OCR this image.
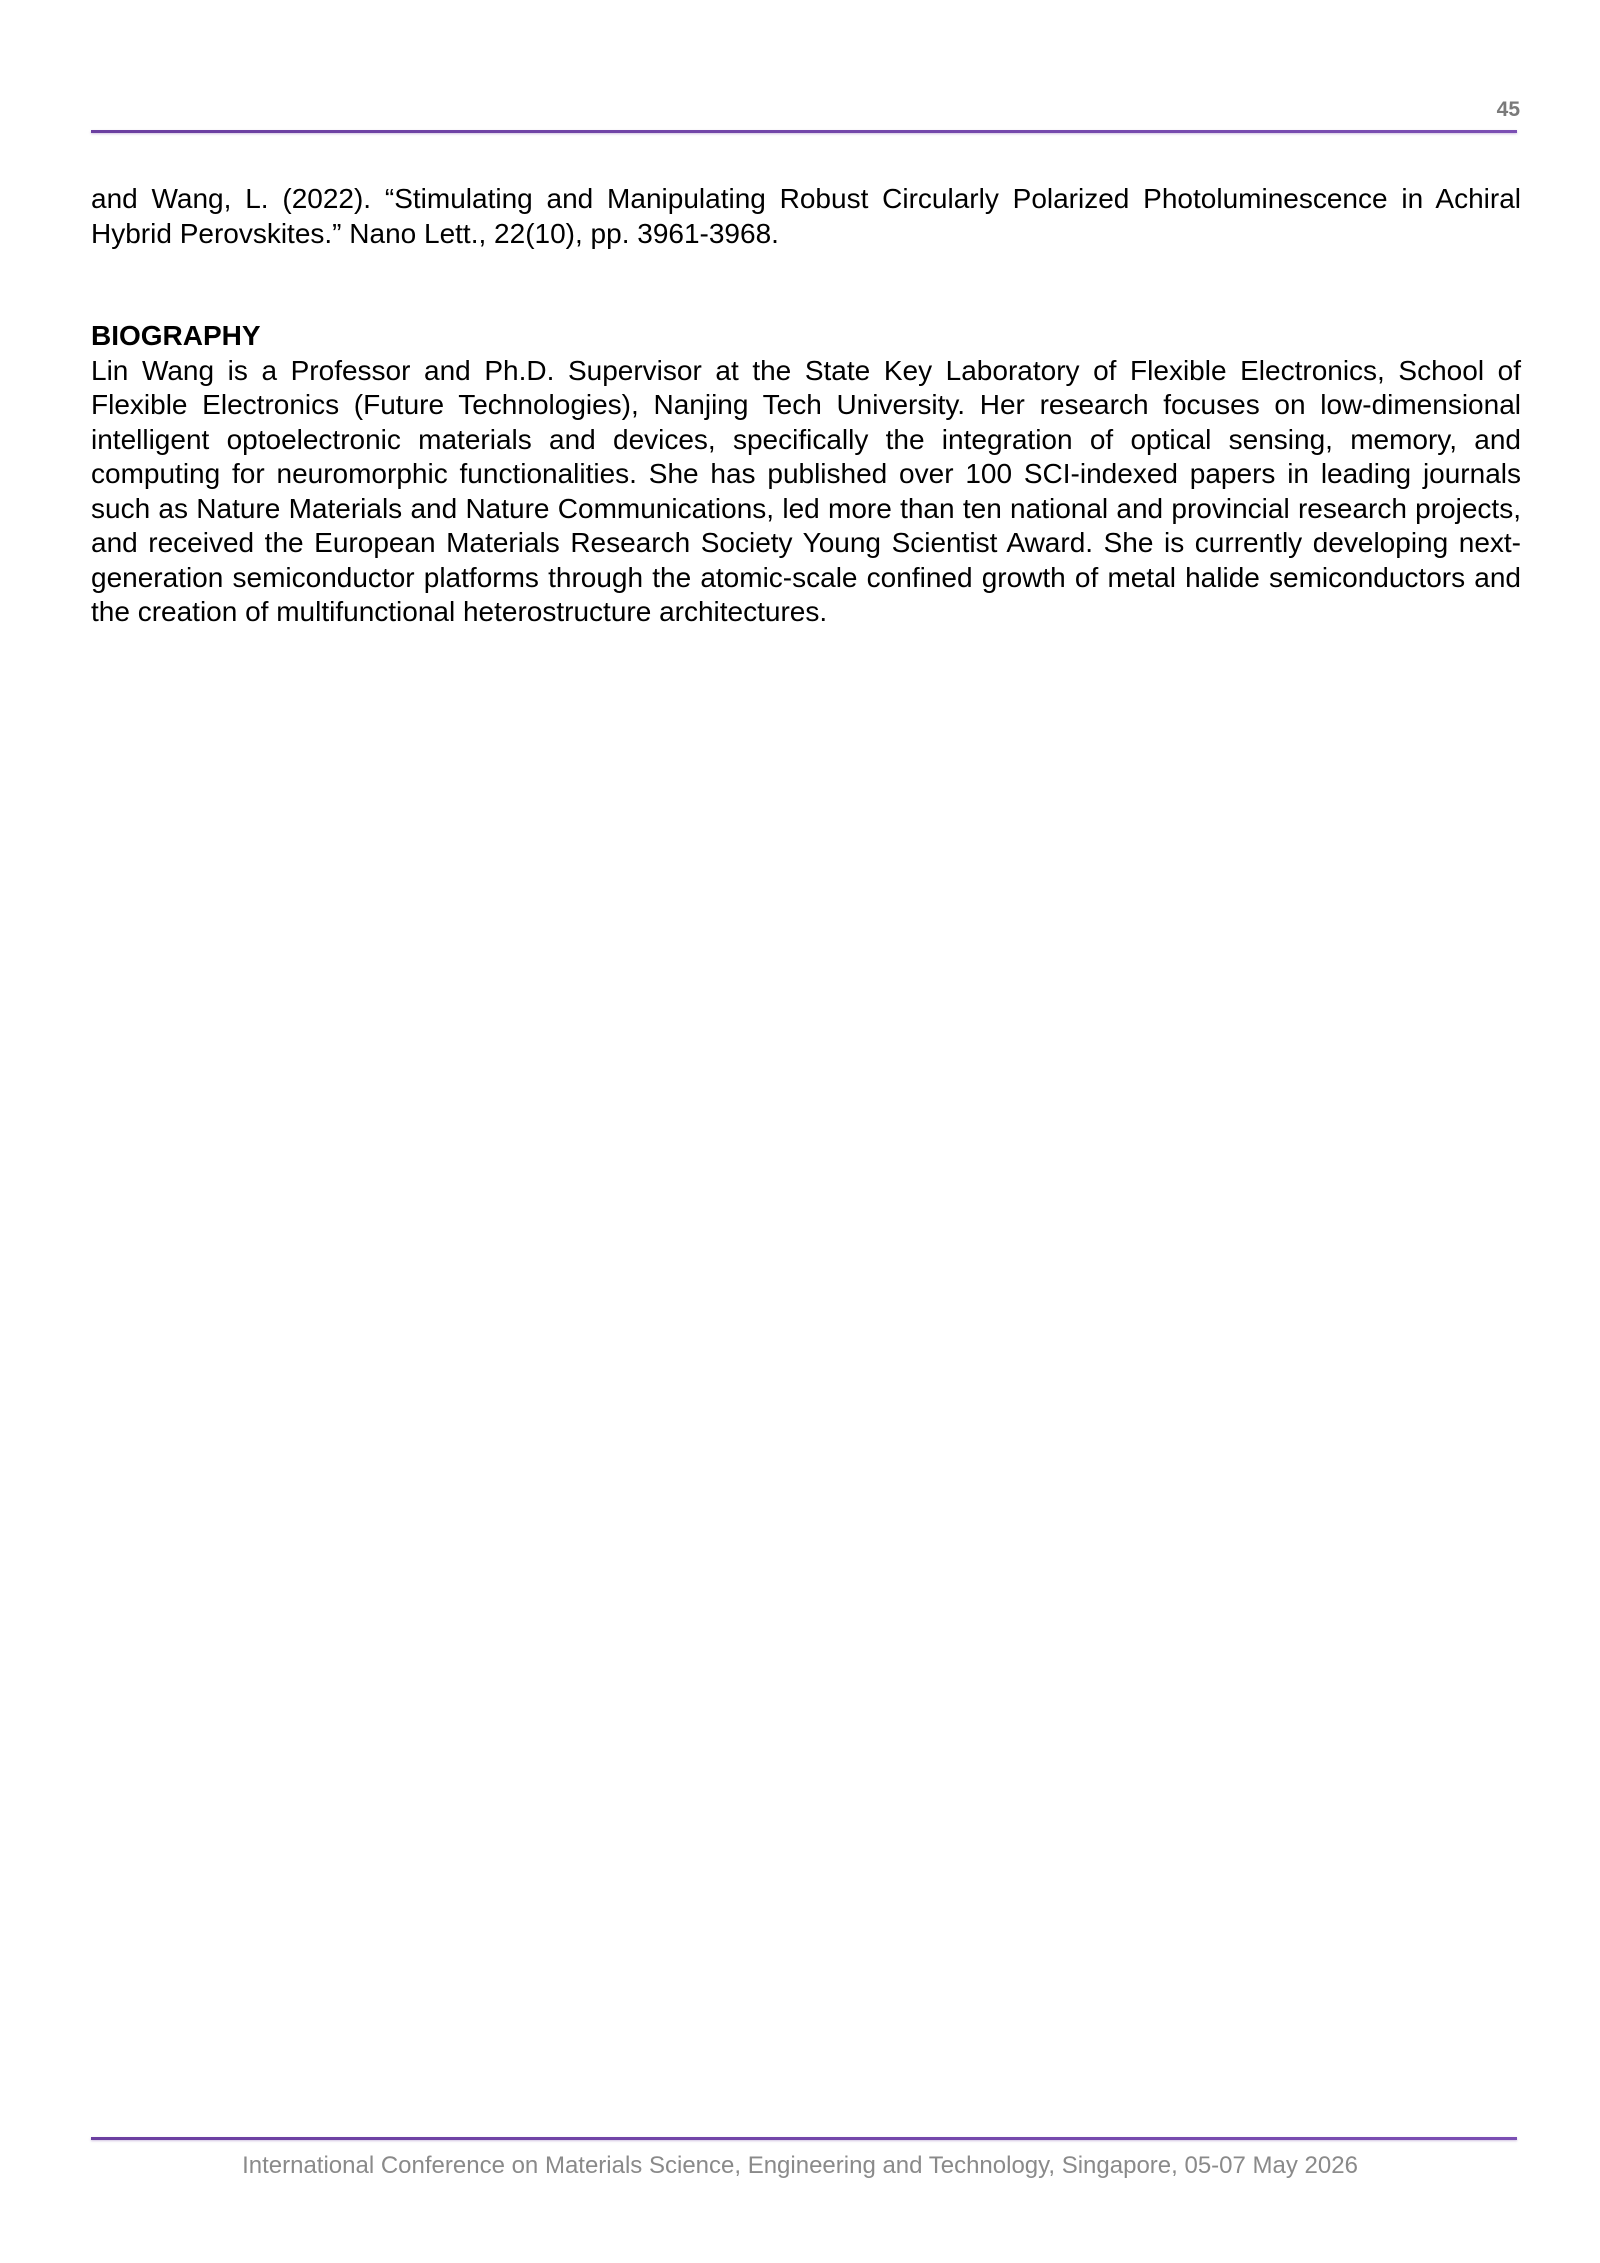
45

and Wang, L. (2022). “Stimulating and Manipulating Robust Circularly Polarized Photoluminescence in Achiral Hybrid Perovskites.” Nano Lett., 22(10), pp. 3961-3968.

BIOGRAPHY

Lin Wang is a Professor and Ph.D. Supervisor at the State Key Laboratory of Flexible Electronics, School of Flexible Electronics (Future Technologies), Nanjing Tech University. Her research focuses on low-dimensional intelligent optoelectronic materials and devices, specifically the integration of optical sensing, memory, and computing for neuromorphic functionalities. She has published over 100 SCI-indexed papers in leading journals such as Nature Materials and Nature Communications, led more than ten national and provincial research projects, and received the European Materials Research Society Young Scientist Award. She is currently developing next-generation semiconductor platforms through the atomic-scale confined growth of metal halide semiconductors and the creation of multifunctional heterostructure architectures.

International Conference on Materials Science, Engineering and Technology, Singapore, 05-07 May 2026
